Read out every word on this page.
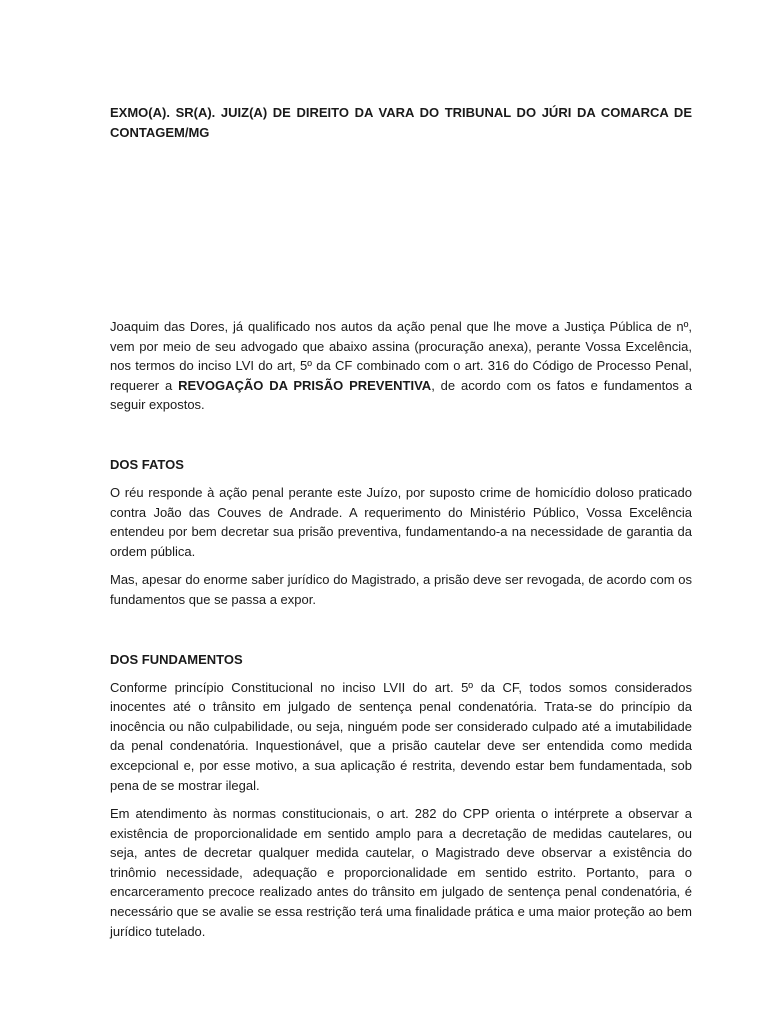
EXMO(A). SR(A). JUIZ(A) DE DIREITO DA VARA DO TRIBUNAL DO JÚRI DA COMARCA DE CONTAGEM/MG

Joaquim das Dores, já qualificado nos autos da ação penal que lhe move a Justiça Pública de nº, vem por meio de seu advogado que abaixo assina (procuração anexa), perante Vossa Excelência, nos termos do inciso LVI do art, 5º da CF combinado com o art. 316 do Código de Processo Penal, requerer a REVOGAÇÃO DA PRISÃO PREVENTIVA, de acordo com os fatos e fundamentos a seguir expostos.

DOS FATOS

O réu responde à ação penal perante este Juízo, por suposto crime de homicídio doloso praticado contra João das Couves de Andrade. A requerimento do Ministério Público, Vossa Excelência entendeu por bem decretar sua prisão preventiva, fundamentando-a na necessidade de garantia da ordem pública.

Mas, apesar do enorme saber jurídico do Magistrado, a prisão deve ser revogada, de acordo com os fundamentos que se passa a expor.

DOS FUNDAMENTOS

Conforme princípio Constitucional no inciso LVII do art. 5º da CF, todos somos considerados inocentes até o trânsito em julgado de sentença penal condenatória. Trata-se do princípio da inocência ou não culpabilidade, ou seja, ninguém pode ser considerado culpado até a imutabilidade da penal condenatória. Inquestionável, que a prisão cautelar deve ser entendida como medida excepcional e, por esse motivo, a sua aplicação é restrita, devendo estar bem fundamentada, sob pena de se mostrar ilegal.

Em atendimento às normas constitucionais, o art. 282 do CPP orienta o intérprete a observar a existência de proporcionalidade em sentido amplo para a decretação de medidas cautelares, ou seja, antes de decretar qualquer medida cautelar, o Magistrado deve observar a existência do trinômio necessidade, adequação e proporcionalidade em sentido estrito. Portanto, para o encarceramento precoce realizado antes do trânsito em julgado de sentença penal condenatória, é necessário que se avalie se essa restrição terá uma finalidade prática e uma maior proteção ao bem jurídico tutelado.
